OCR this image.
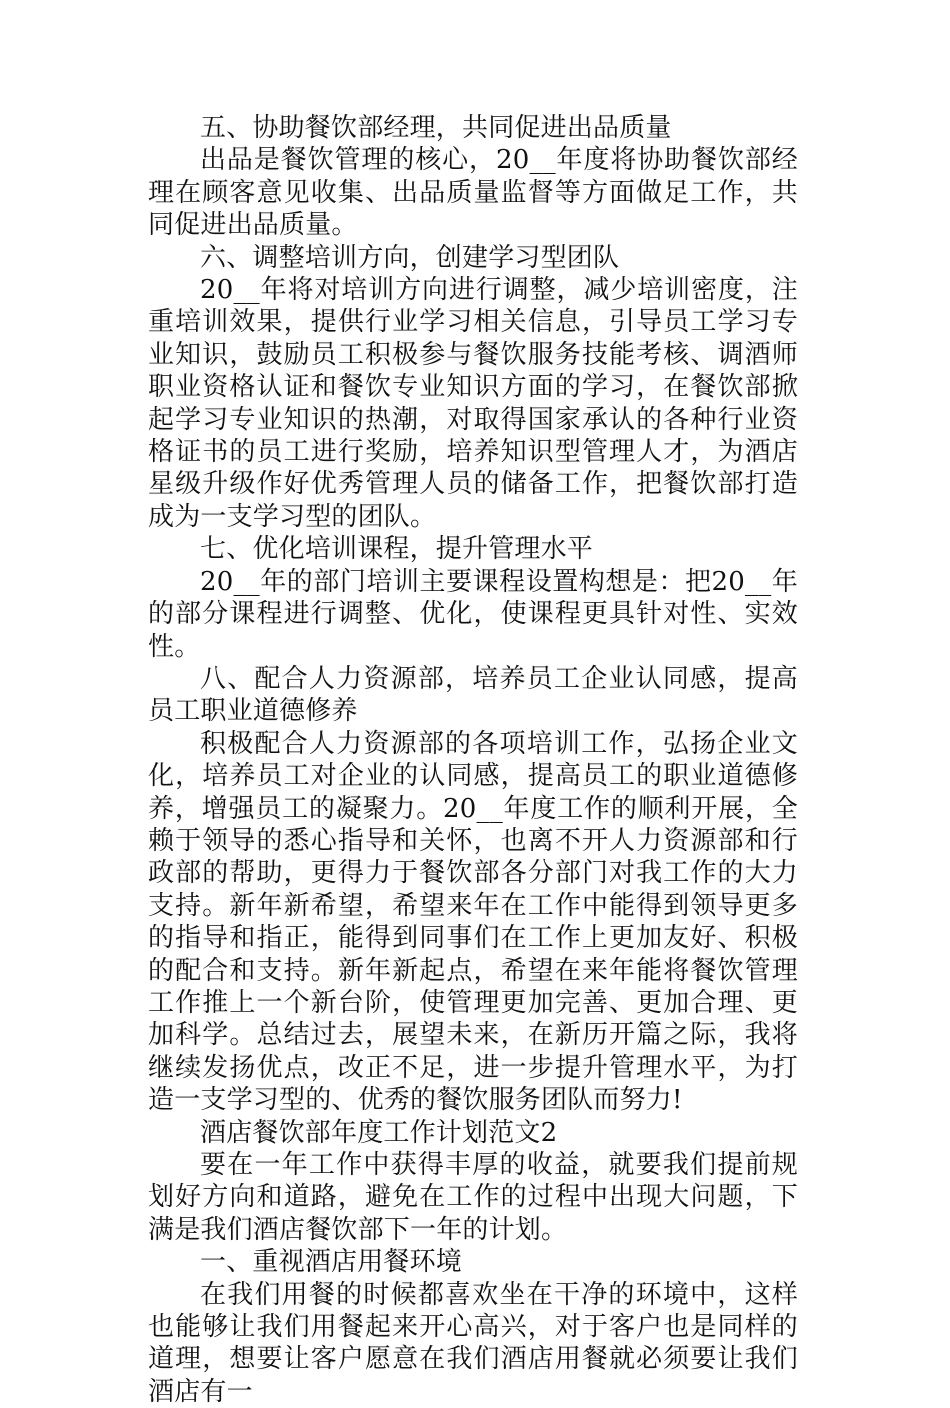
五、协助餐饮部经理，共同促进出品质量

出品是餐饮管理的核心，20__年度将协助餐饮部经理在顾客意见收集、出品质量监督等方面做足工作，共同促进出品质量。

六、调整培训方向，创建学习型团队

20__年将对培训方向进行调整，减少培训密度，注重培训效果，提供行业学习相关信息，引导员工学习专业知识，鼓励员工积极参与餐饮服务技能考核、调酒师职业资格认证和餐饮专业知识方面的学习，在餐饮部掀起学习专业知识的热潮，对取得国家承认的各种行业资格证书的员工进行奖励，培养知识型管理人才，为酒店星级升级作好优秀管理人员的储备工作，把餐饮部打造成为一支学习型的团队。

七、优化培训课程，提升管理水平

20__年的部门培训主要课程设置构想是：把20__年的部分课程进行调整、优化，使课程更具针对性、实效性。

八、配合人力资源部，培养员工企业认同感，提高员工职业道德修养

积极配合人力资源部的各项培训工作，弘扬企业文化，培养员工对企业的认同感，提高员工的职业道德修养，增强员工的凝聚力。20__年度工作的顺利开展，全赖于领导的悉心指导和关怀，也离不开人力资源部和行政部的帮助，更得力于餐饮部各分部门对我工作的大力支持。新年新希望，希望来年在工作中能得到领导更多的指导和指正，能得到同事们在工作上更加友好、积极的配合和支持。新年新起点，希望在来年能将餐饮管理工作推上一个新台阶，使管理更加完善、更加合理、更加科学。总结过去，展望未来，在新历开篇之际，我将继续发扬优点，改正不足，进一步提升管理水平，为打造一支学习型的、优秀的餐饮服务团队而努力!

酒店餐饮部年度工作计划范文2

要在一年工作中获得丰厚的收益，就要我们提前规划好方向和道路，避免在工作的过程中出现大问题，下满是我们酒店餐饮部下一年的计划。

一、重视酒店用餐环境

在我们用餐的时候都喜欢坐在干净的环境中，这样也能够让我们用餐起来开心高兴，对于客户也是同样的道理，想要让客户愿意在我们酒店用餐就必须要让我们酒店有一
